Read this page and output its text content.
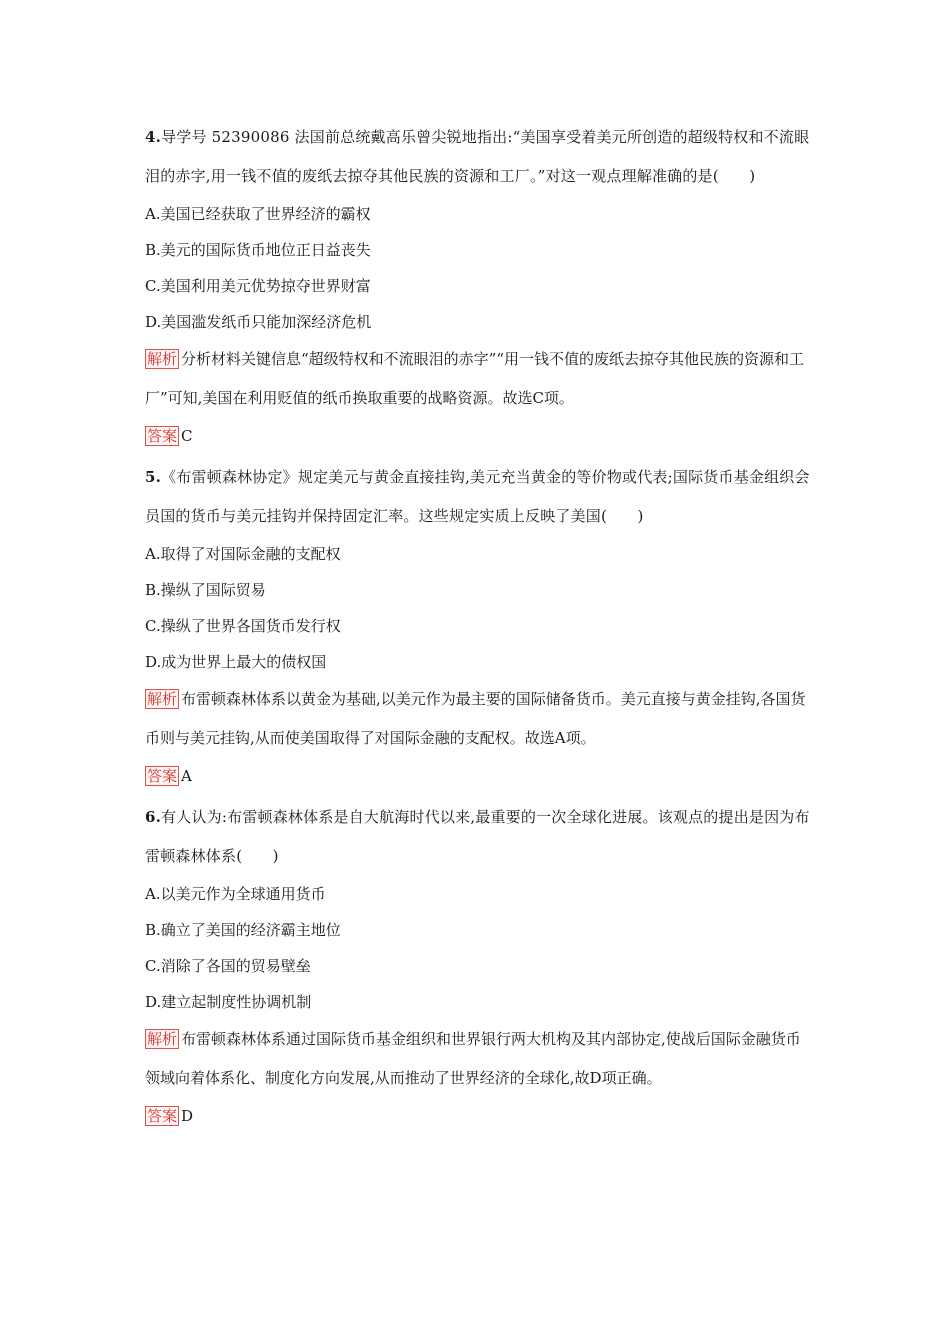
4.导学号 52390086 法国前总统戴高乐曾尖锐地指出:“美国享受着美元所创造的超级特权和不流眼泪的赤字,用一钱不值的废纸去掠夺其他民族的资源和工厂。”对这一观点理解准确的是(　　)

A.美国已经获取了世界经济的霸权

B.美元的国际货币地位正日益丧失

C.美国利用美元优势掠夺世界财富

D.美国滥发纸币只能加深经济危机

解析 分析材料关键信息“超级特权和不流眼泪的赤字”“用一钱不值的废纸去掠夺其他民族的资源和工厂”可知,美国在利用贬值的纸币换取重要的战略资源。故选C项。

答案 C

5.《布雷顿森林协定》规定美元与黄金直接挂钩,美元充当黄金的等价物或代表;国际货币基金组织会员国的货币与美元挂钩并保持固定汇率。这些规定实质上反映了美国(　　)

A.取得了对国际金融的支配权

B.操纵了国际贸易

C.操纵了世界各国货币发行权

D.成为世界上最大的债权国

解析 布雷顿森林体系以黄金为基础,以美元作为最主要的国际储备货币。美元直接与黄金挂钩,各国货币则与美元挂钩,从而使美国取得了对国际金融的支配权。故选A项。

答案 A

6.有人认为:布雷顿森林体系是自大航海时代以来,最重要的一次全球化进展。该观点的提出是因为布雷顿森林体系(　　)

A.以美元作为全球通用货币

B.确立了美国的经济霸主地位

C.消除了各国的贸易壁垒

D.建立起制度性协调机制

解析 布雷顿森林体系通过国际货币基金组织和世界银行两大机构及其内部协定,使战后国际金融货币领域向着体系化、制度化方向发展,从而推动了世界经济的全球化,故D项正确。

答案 D
